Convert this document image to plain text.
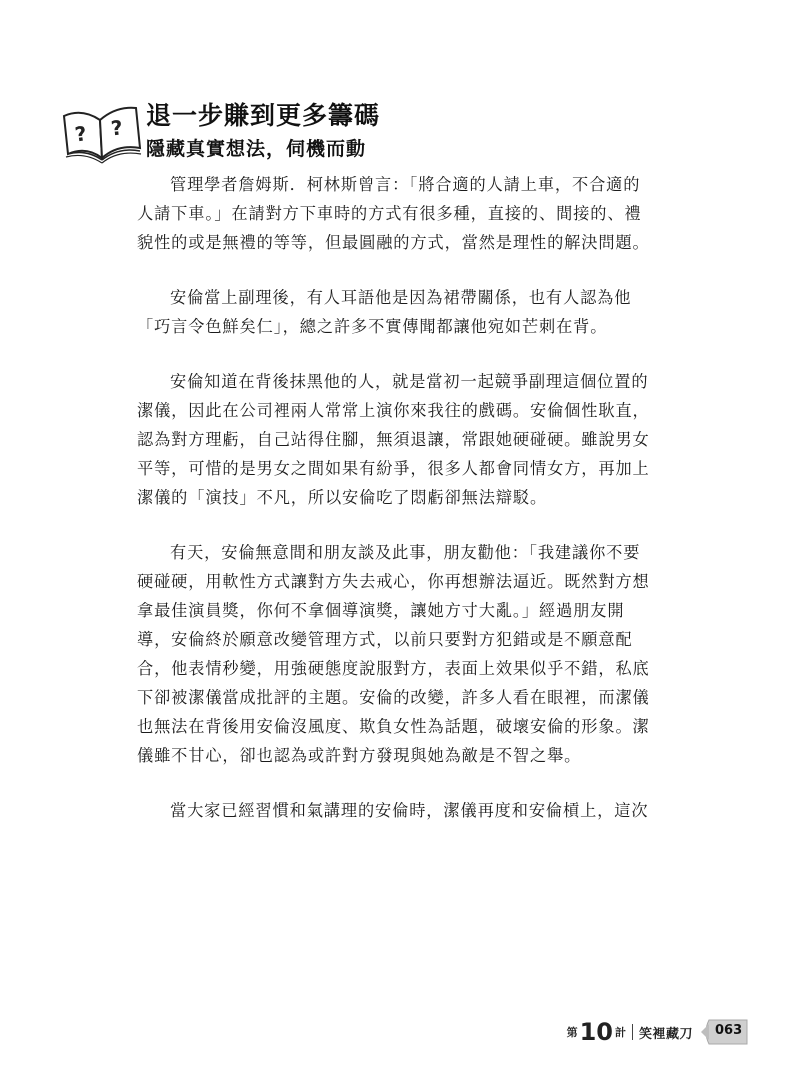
? ? 退一步賺到更多籌碼
隱藏真實想法，伺機而動
管理學者詹姆斯．柯林斯曾言：「將合適的人請上車，不合適的
人請下車。」在請對方下車時的方式有很多種，直接的、間接的、禮
貌性的或是無禮的等等，但最圓融的方式，當然是理性的解決問題。
安倫當上副理後，有人耳語他是因為裙帶關係，也有人認為他
「巧言令色鮮矣仁」，總之許多不實傳聞都讓他宛如芒刺在背。
安倫知道在背後抹黑他的人，就是當初一起競爭副理這個位置的
潔儀，因此在公司裡兩人常常上演你來我往的戲碼。安倫個性耿直，
認為對方理虧，自己站得住腳，無須退讓，常跟她硬碰硬。雖說男女
平等，可惜的是男女之間如果有紛爭，很多人都會同情女方，再加上
潔儀的「演技」不凡，所以安倫吃了悶虧卻無法辯駁。
有天，安倫無意間和朋友談及此事，朋友勸他：「我建議你不要
硬碰硬，用軟性方式讓對方失去戒心，你再想辦法逼近。既然對方想
拿最佳演員獎，你何不拿個導演獎，讓她方寸大亂。」經過朋友開
導，安倫終於願意改變管理方式，以前只要對方犯錯或是不願意配
合，他表情秒變，用強硬態度說服對方，表面上效果似乎不錯，私底
下卻被潔儀當成批評的主題。安倫的改變，許多人看在眼裡，而潔儀
也無法在背後用安倫沒風度、欺負女性為話題，破壞安倫的形象。潔
儀雖不甘心，卻也認為或許對方發現與她為敵是不智之舉。
當大家已經習慣和氣講理的安倫時，潔儀再度和安倫槓上，這次
第 10 計 笑裡藏刀 063
